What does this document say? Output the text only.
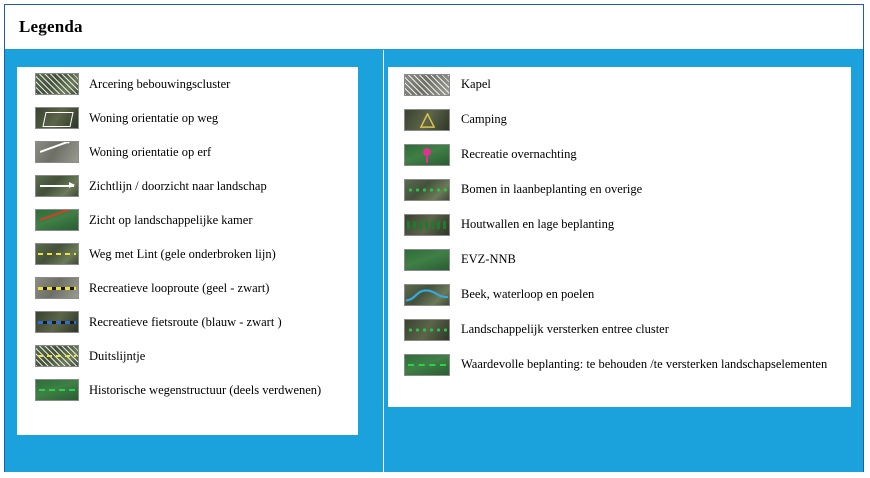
Legenda
Arcering bebouwingscluster
Woning orientatie op weg
Woning orientatie op erf
Zichtlijn / doorzicht naar landschap
Zicht op landschappelijke kamer
Weg met Lint (gele onderbroken lijn)
Recreatieve looproute (geel - zwart)
Recreatieve fietsroute (blauw - zwart )
Duitslijntje
Historische wegenstructuur (deels verdwenen)
Kapel
Camping
Recreatie overnachting
Bomen in laanbeplanting en overige
Houtwallen en lage beplanting
EVZ-NNB
Beek, waterloop en poelen
Landschappelijk versterken entree cluster
Waardevolle beplanting: te behouden /te versterken landschapselementen
